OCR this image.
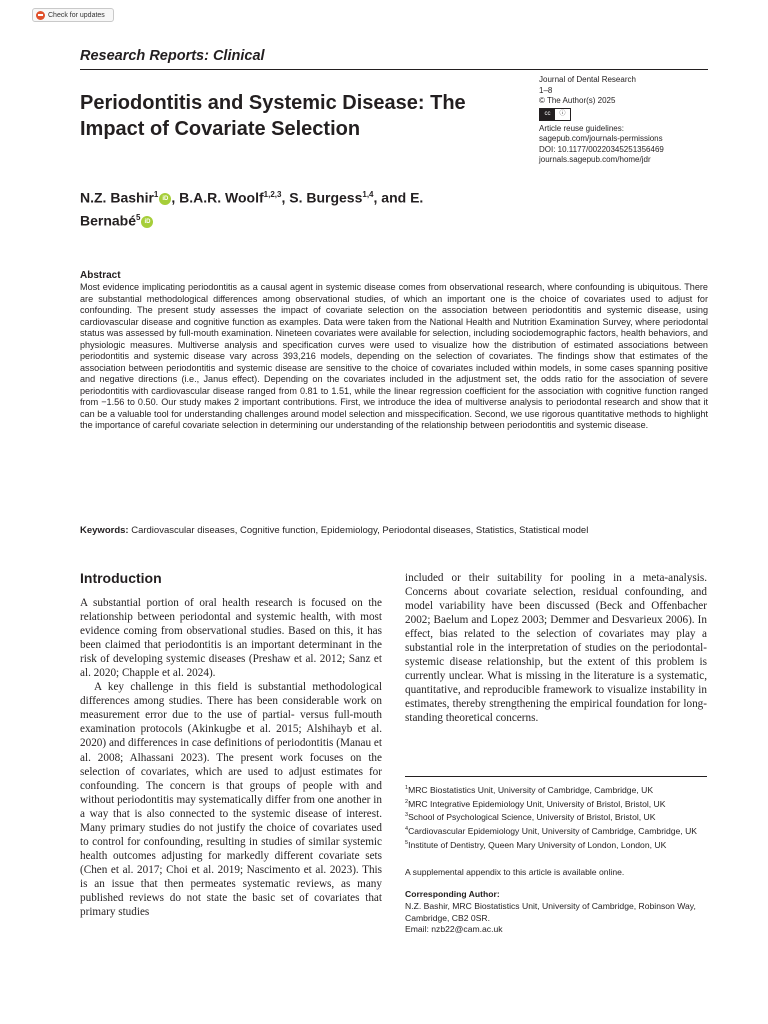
Check for updates
Research Reports: Clinical
Periodontitis and Systemic Disease: The Impact of Covariate Selection
Journal of Dental Research
1–8
© The Author(s) 2025
cc	ⓘ
Article reuse guidelines:
sagepub.com/journals-permissions
DOI: 10.1177/00220345251356469
journals.sagepub.com/home/jdr
N.Z. Bashir$^1$ iD , B.A.R. Woolf$^{1,2,3}$, S. Burgess$^{1,4}$, and E. Bernabé$^5$ iD
Abstract
Most evidence implicating periodontitis as a causal agent in systemic disease comes from observational research, where confounding is ubiquitous. There are substantial methodological differences among observational studies, of which an important one is the choice of covariates used to adjust for confounding. The present study assesses the impact of covariate selection on the association between periodontitis and systemic disease, using cardiovascular disease and cognitive function as examples. Data were taken from the National Health and Nutrition Examination Survey, where periodontal status was assessed by full-mouth examination. Nineteen covariates were available for selection, including sociodemographic factors, health behaviors, and physiologic measures. Multiverse analysis and specification curves were used to visualize how the distribution of estimated associations between periodontitis and systemic disease vary across 393,216 models, depending on the selection of covariates. The findings show that estimates of the association between periodontitis and systemic disease are sensitive to the choice of covariates included within models, in some cases spanning positive and negative directions (i.e., Janus effect). Depending on the covariates included in the adjustment set, the odds ratio for the association of severe periodontitis with cardiovascular disease ranged from 0.81 to 1.51, while the linear regression coefficient for the association with cognitive function ranged from −1.56 to 0.50. Our study makes 2 important contributions. First, we introduce the idea of multiverse analysis to periodontal research and show that it can be a valuable tool for understanding challenges around model selection and misspecification. Second, we use rigorous quantitative methods to highlight the importance of careful covariate selection in determining our understanding of the relationship between periodontitis and systemic disease.
Keywords: Cardiovascular diseases, Cognitive function, Epidemiology, Periodontal diseases, Statistics, Statistical model
Introduction

A substantial portion of oral health research is focused on the relationship between periodontal and systemic health, with most evidence coming from observational studies. Based on this, it has been claimed that periodontitis is an important determinant in the risk of developing systemic diseases (Preshaw et al. 2012; Sanz et al. 2020; Chapple et al. 2024).

A key challenge in this field is substantial methodological differences among studies. There has been considerable work on measurement error due to the use of partial- versus full-mouth examination protocols (Akinkugbe et al. 2015; Alshihayb et al. 2020) and differences in case definitions of periodontitis (Manau et al. 2008; Alhassani 2023). The present work focuses on the selection of covariates, which are used to adjust estimates for confounding. The concern is that groups of people with and without periodontitis may systematically differ from one another in a way that is also connected to the systemic disease of interest. Many primary studies do not justify the choice of covariates used to control for confounding, resulting in studies of similar systemic health outcomes adjusting for markedly different covariate sets (Chen et al. 2017; Choi et al. 2019; Nascimento et al. 2023). This is an issue that then permeates systematic reviews, as many published reviews do not state the basic set of covariates that primary studies

included or their suitability for pooling in a meta-analysis. Concerns about covariate selection, residual confounding, and model variability have been discussed (Beck and Offenbacher 2002; Baelum and Lopez 2003; Demmer and Desvarieux 2006). In effect, bias related to the selection of covariates may play a substantial role in the interpretation of studies on the periodontal-systemic disease relationship, but the extent of this problem is currently unclear. What is missing in the literature is a systematic, quantitative, and reproducible framework to visualize instability in estimates, thereby strengthening the empirical foundation for long-standing theoretical concerns.

$^1$MRC Biostatistics Unit, University of Cambridge, Cambridge, UK
$^2$MRC Integrative Epidemiology Unit, University of Bristol, Bristol, UK
$^3$School of Psychological Science, University of Bristol, Bristol, UK
$^4$Cardiovascular Epidemiology Unit, University of Cambridge, Cambridge, UK
$^5$Institute of Dentistry, Queen Mary University of London, London, UK
A supplemental appendix to this article is available online.
Corresponding Author:
N.Z. Bashir, MRC Biostatistics Unit, University of Cambridge, Robinson Way, Cambridge, CB2 0SR.
Email: nzb22@cam.ac.uk
